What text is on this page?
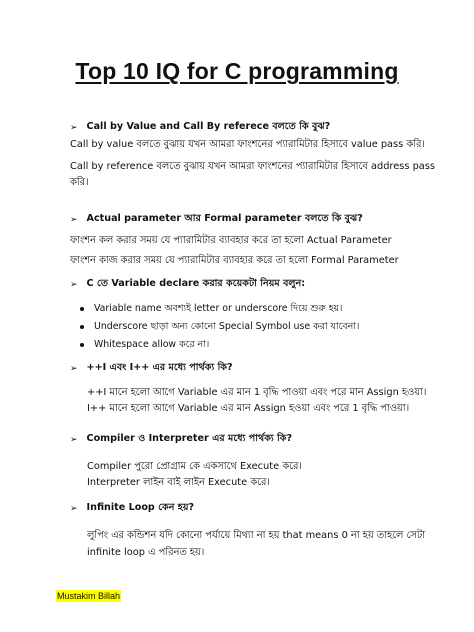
Top 10 IQ for C programming
➢ Call by Value and Call By referece বলতে কি বুঝ?
Call by value বলতে বুঝায় যখন আমরা ফাংশনের প্যারামিটার হিসাবে value pass করি।
Call by reference বলতে বুঝায় যখন আমরা ফাংশনের প্যারামিটার হিসাবে address pass
করি।
➢ Actual parameter আর Formal parameter বলতে কি বুঝ?
ফাংশন কল করার সময় যে প্যারামিটার ব্যাবহার করে তা হলো Actual Parameter
ফাংশন কাজ করার সময় যে প্যারামিটার ব্যাবহার করে তা হলো Formal Parameter
➢ C তে Variable declare করার কয়েকটা নিয়ম বলুন:
Variable name অবশ্যই letter or underscore দিয়ে শুরু হয়।
Underscore ছাড়া অন্য কোনো Special Symbol use করা যাবেনা।
Whitespace allow করে না।
➢ ++I এবং I++ এর মধ্যে পার্থক্য কি?
++I মানে হলো আগে Variable এর মান 1 বৃদ্ধি পাওয়া এবং পরে মান Assign হওয়া।
I++ মানে হলো আগে Variable এর মান Assign হওয়া এবং পরে 1 বৃদ্ধি পাওয়া।
➢ Compiler ও Interpreter এর মধ্যে পার্থক্য কি?
Compiler পুরো প্রোগ্রাম কে একসাথে Execute করে।
Interpreter লাইন বাই লাইন Execute করে।
➢ Infinite Loop কেন হয়?
লুপিং এর কন্ডিশন যদি কোনো পর্যায়ে মিথ্যা না হয় that means 0 না হয় তাহলে সেটা
infinite loop এ পরিনত হয়।
Mustakim Billah
